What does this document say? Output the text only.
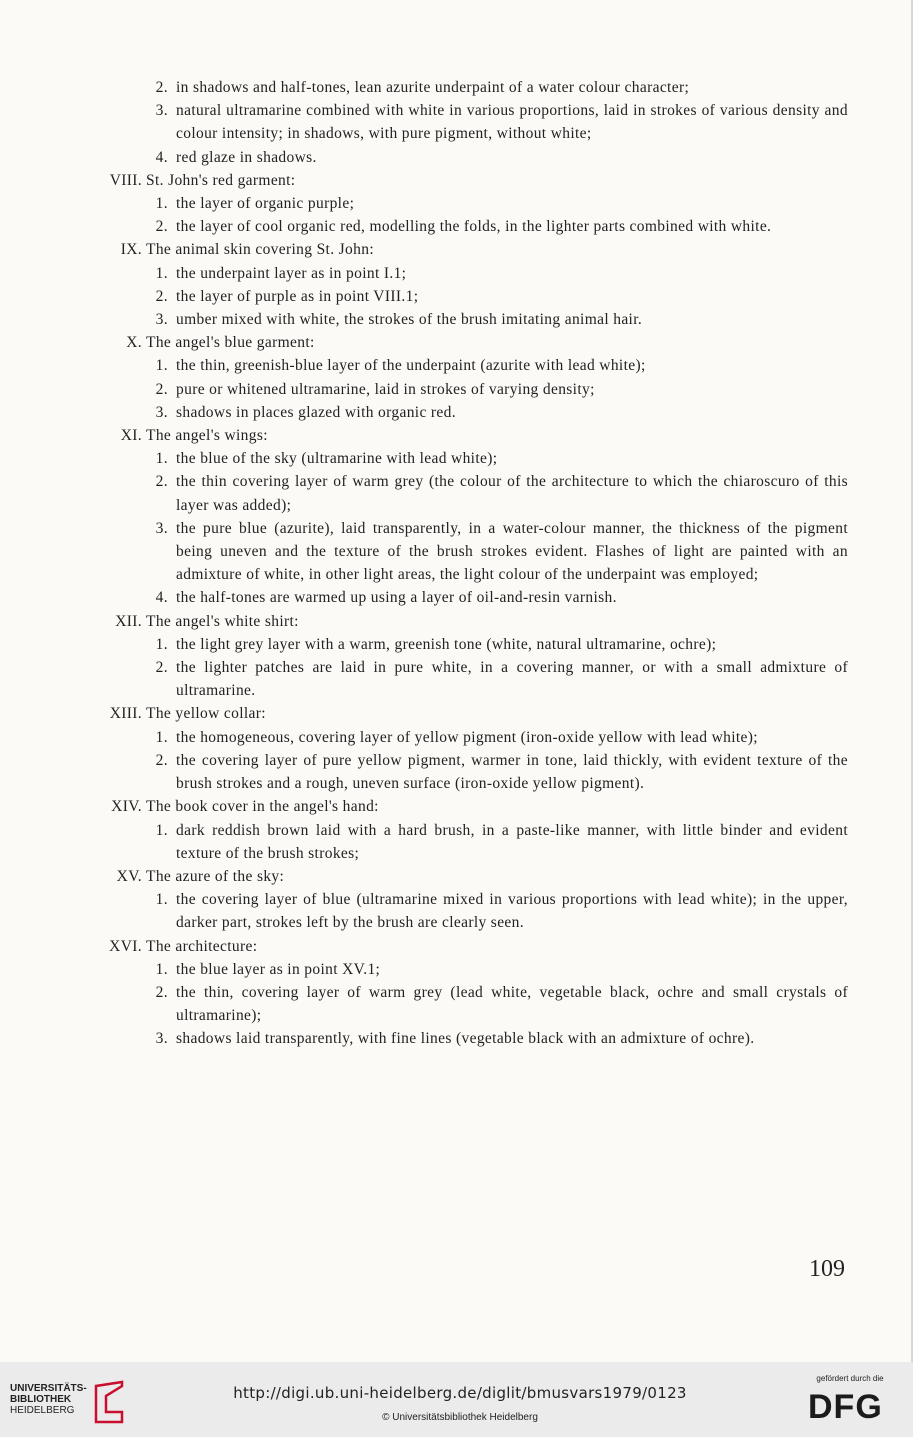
2. in shadows and half-tones, lean azurite underpaint of a water colour character;
3. natural ultramarine combined with white in various proportions, laid in strokes of various density and colour intensity; in shadows, with pure pigment, without white;
4. red glaze in shadows.
VIII. St. John's red garment:
1. the layer of organic purple;
2. the layer of cool organic red, modelling the folds, in the lighter parts combined with white.
IX. The animal skin covering St. John:
1. the underpaint layer as in point I.1;
2. the layer of purple as in point VIII.1;
3. umber mixed with white, the strokes of the brush imitating animal hair.
X. The angel's blue garment:
1. the thin, greenish-blue layer of the underpaint (azurite with lead white);
2. pure or whitened ultramarine, laid in strokes of varying density;
3. shadows in places glazed with organic red.
XI. The angel's wings:
1. the blue of the sky (ultramarine with lead white);
2. the thin covering layer of warm grey (the colour of the architecture to which the chiaroscuro of this layer was added);
3. the pure blue (azurite), laid transparently, in a water-colour manner, the thickness of the pigment being uneven and the texture of the brush strokes evident. Flashes of light are painted with an admixture of white, in other light areas, the light colour of the underpaint was employed;
4. the half-tones are warmed up using a layer of oil-and-resin varnish.
XII. The angel's white shirt:
1. the light grey layer with a warm, greenish tone (white, natural ultramarine, ochre);
2. the lighter patches are laid in pure white, in a covering manner, or with a small admixture of ultramarine.
XIII. The yellow collar:
1. the homogeneous, covering layer of yellow pigment (iron-oxide yellow with lead white);
2. the covering layer of pure yellow pigment, warmer in tone, laid thickly, with evident texture of the brush strokes and a rough, uneven surface (iron-oxide yellow pigment).
XIV. The book cover in the angel's hand:
1. dark reddish brown laid with a hard brush, in a paste-like manner, with little binder and evident texture of the brush strokes;
XV. The azure of the sky:
1. the covering layer of blue (ultramarine mixed in various proportions with lead white); in the upper, darker part, strokes left by the brush are clearly seen.
XVI. The architecture:
1. the blue layer as in point XV.1;
2. the thin, covering layer of warm grey (lead white, vegetable black, ochre and small crystals of ultramarine);
3. shadows laid transparently, with fine lines (vegetable black with an admixture of ochre).
109
UNIVERSITÄTS-
BIBLIOTHEK
HEIDELBERG
http://digi.ub.uni-heidelberg.de/diglit/bmusvars1979/0123
© Universitätsbibliothek Heidelberg
gefördert durch die
DFG
